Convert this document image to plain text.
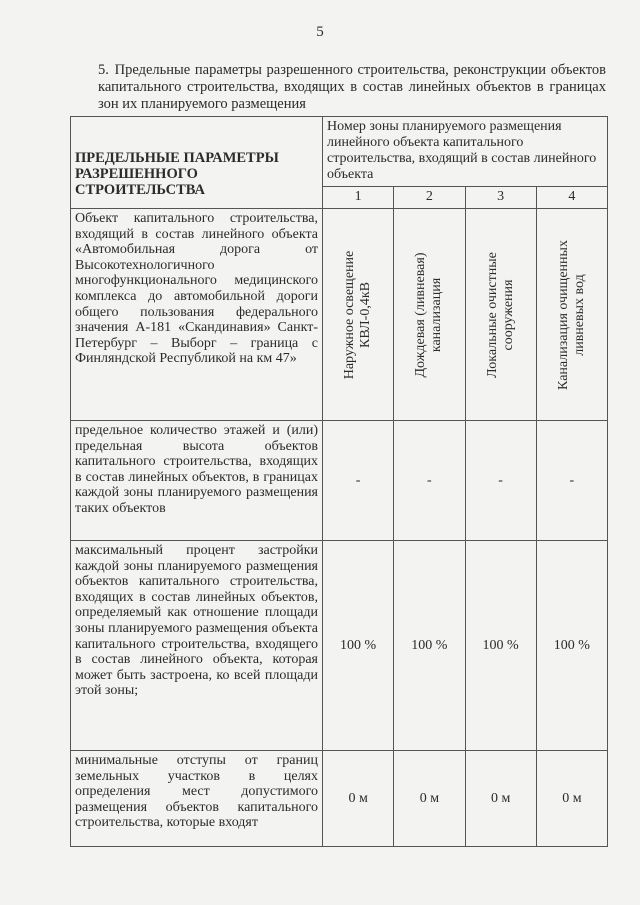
5
5. Предельные параметры разрешенного строительства, реконструкции объектов капитального строительства, входящих в состав линейных объектов в границах зон их планируемого размещения
ПРЕДЕЛЬНЫЕ ПАРАМЕТРЫ РАЗРЕШЕННОГО СТРОИТЕЛЬСТВА	Номер зоны планируемого размещения линейного объекта капитального строительства, входящий в состав линейного объекта			
	1	2	3	4
Объект капитального строительства, входящий в состав линейного объекта «Автомобильная дорога от Высокотехнологичного многофункционального медицинского комплекса до автомобильной дороги общего пользования федерального значения А-181 «Скандинавия» Санкт-Петербург – Выборг – граница с Финляндской Республикой на км 47»	Наружное освещение КВЛ-0,4кВ	Дождевая (ливневая) канализация	Локальные очистные сооружения	Канализация очищенных ливневых вод

предельное количество этажей и (или) предельная высота объектов капитального строительства, входящих в состав линейных объектов, в границах каждой зоны планируемого размещения таких объектов	-	-	-	-
максимальный процент застройки каждой зоны планируемого размещения объектов капитального строительства, входящих в состав линейных объектов, определяемый как отношение площади зоны планируемого размещения объекта капитального строительства, входящего в состав линейного объекта, которая может быть застроена, ко всей площади этой зоны;	100 %	100 %	100 %	100 %
минимальные отступы от границ земельных участков в целях определения мест допустимого размещения объектов капитального строительства, которые входят	0 м	0 м	0 м	0 м
